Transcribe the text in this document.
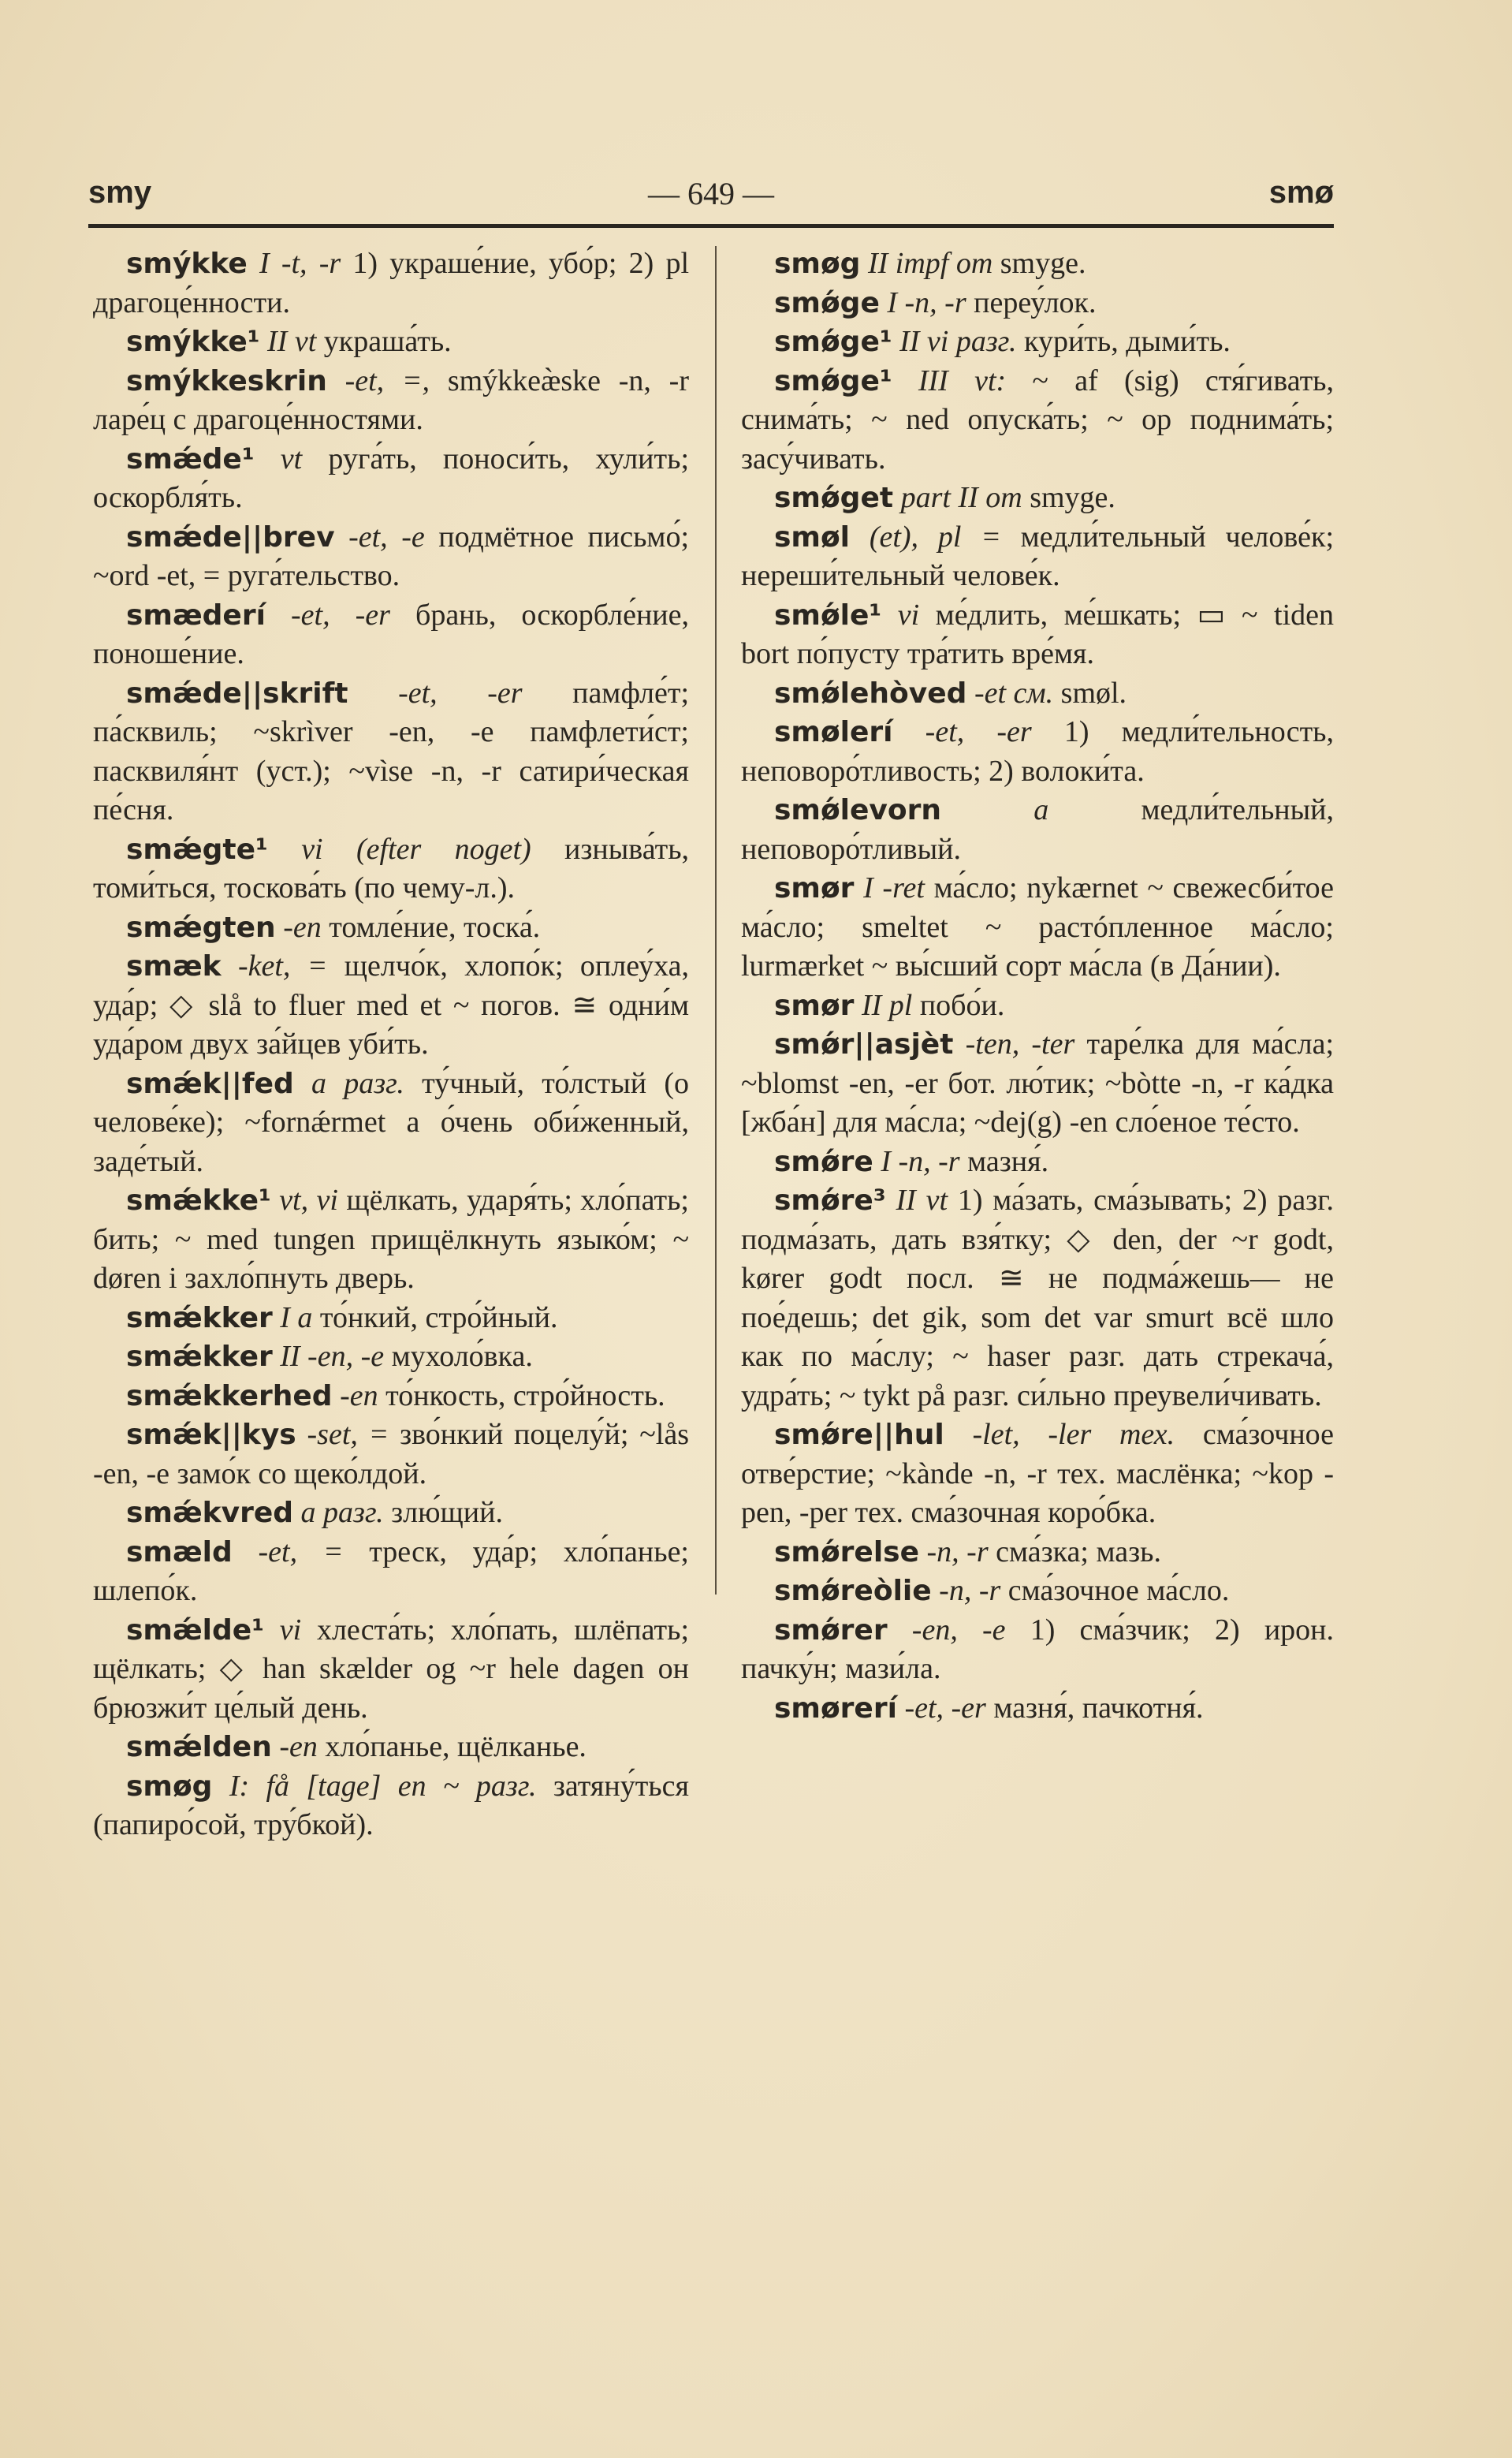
smy	— 649 —	smø

smýkke I -t, -r 1) украше́ние, убо́р; 2) pl драгоце́нности.

smýkke¹ II vt украша́ть.

smýkkeskrin -et, =, smýkkeæ̀ske -n, -r ларе́ц с драгоце́нностями.

smǽde¹ vt руга́ть, поноси́ть, хули́ть; оскорбля́ть.

smǽde||brev -et, -e подмётное письмо́; ~ord -et, = руга́тельство.

smæderí -et, -er брань, оскорбле́ние, поноше́ние.

smǽde||skrift -et, -er памфле́т; па́сквиль; ~skrìver -en, -e памфлети́ст; пасквиля́нт (уст.); ~vìse -n, -r сатири́ческая пе́сня.

smǽgte¹ vi (efter noget) изныва́ть, томи́ться, тоскова́ть (по чему-л.).

smǽgten -en томле́ние, тоска́.

smæk -ket, = щелчо́к, хлопо́к; оплеу́ха, уда́р; ◇ slå to fluer med et ~ погов. ≅ одни́м уда́ром двух за́йцев уби́ть.

smǽk||fed a разг. ту́чный, то́лстый (о челове́ке); ~fornǽrmet a о́чень оби́женный, заде́тый.

smǽkke¹ vt, vi щёлкать, ударя́ть; хло́пать; бить; ~ med tungen прищёлкнуть языко́м; ~ døren i захло́пнуть дверь.

smǽkker I a то́нкий, стро́йный.

smǽkker II -en, -e мухоло́вка.

smǽkkerhed -en то́нкость, стро́йность.

smǽk||kys -set, = зво́нкий поцелу́й; ~lås -en, -e замо́к со щеко́лдой.

smǽkvred a разг. злю́щий.

smæld -et, = треск, уда́р; хло́панье; шлепо́к.

smǽlde¹ vi хлеста́ть; хло́пать, шлёпать; щёлкать; ◇ han skælder og ~r hele dagen он брюзжи́т це́лый день.

smǽlden -en хло́панье, щёлканье.

smøg I: få [tage] en ~ разг. затяну́ться (папиро́сой, тру́бкой).

smøg II impf om smyge.

smǿge I -n, -r переу́лок.

smǿge¹ II vi разг. кури́ть, дыми́ть.

smǿge¹ III vt: ~ af (sig) стя́гивать, снима́ть; ~ ned опуска́ть; ~ op поднима́ть; засу́чивать.

smǿget part II om smyge.

smøl (et), pl = медли́тельный челове́к; нереши́тельный челове́к.

smǿle¹ vi ме́длить, ме́шкать; ▭ ~ tiden bort по́пусту тра́тить вре́мя.

smǿlehòved -et см. smøl.

smølerí -et, -er 1) медли́тельность, неповоро́тливость; 2) волоки́та.

smǿlevorn	a	медли́тельный, неповоро́тливый.

smør I -ret ма́сло; nykærnet ~ свежесби́тое ма́сло; smeltet ~ растóпленное ма́сло; lurmærket ~ вы́сший сорт ма́сла (в Да́нии).

smør II pl побо́и.

smǿr||asjèt -ten, -ter таре́лка для ма́сла; ~blomst -en, -er бот. лю́тик; ~bòtte -n, -r ка́дка [жба́н] для ма́сла; ~dej(g) -en сло́еное те́сто.

smǿre I -n, -r мазня́.

smǿre³ II vt 1) ма́зать, сма́зывать; 2) разг. подма́зать, дать взя́тку; ◇ den, der ~r godt, kører godt посл. ≅ не подма́жешь— не пое́дешь; det gik, som det var smurt всё шло как по ма́слу; ~ haser разг. дать стрекача́, удра́ть; ~ tykt på разг. си́льно преувели́чивать.

smǿre||hul -let, -ler тех. сма́зочное отве́рстие; ~kànde -n, -r тех. маслёнка; ~kop -pen, -per тех. сма́зочная коро́бка.

smǿrelse -n, -r сма́зка; мазь.

smǿreòlie -n, -r сма́зочное ма́сло.

smǿrer -en, -e 1) сма́зчик; 2) ирон. пачку́н; мази́ла.

smørerí -et, -er мазня́, пачкотня́.
